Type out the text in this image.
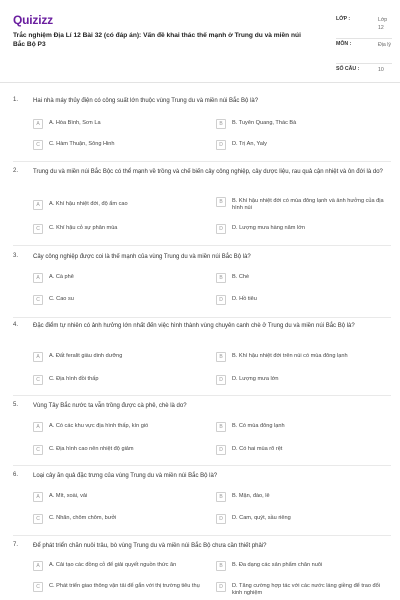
Quizizz
Trắc nghiệm Địa Lí 12 Bài 32 (có đáp án): Vấn đề khai thác thế mạnh ở Trung du và miền núi Bắc Bộ P3
LỚP :	Lớp 12
MÔN :	Địa lý
SỐ CÂU :	10
1. Hai nhà máy thủy điện có công suất lớn thuộc vùng Trung du và miền núi Bắc Bộ là?
A	A. Hòa Bình, Sơn La	B	B. Tuyên Quang, Thác Bà
C	C. Hàm Thuận, Sông Hinh	D	D. Trị An, Yaly
2. Trung du và miền núi Bắc Bộc có thể mạnh về trồng và chế biến cây công nghiệp, cây dược liệu, rau quả cận nhiệt và ôn đới là do?
A	A. Khí hậu nhiệt đới, độ ẩm cao	B	B. Khí hậu nhiệt đới có mùa đông lạnh và ảnh hưởng của địa hình núi
C	C. Khí hậu cỏ sự phân mùa	D	D. Lượng mưa hàng năm lớn
3. Cây công nghiệp được coi là thế mạnh của vùng Trung du và miền núi Bắc Bộ là?
A	A. Cà phê	B	B. Chè
C	C. Cao su	D	D. Hồ tiêu
4. Đặc điểm tự nhiên có ảnh hưởng lớn nhất đến việc hình thành vùng chuyên canh chè ở Trung du và miền núi Bắc Bộ là?
A	A. Đất feralit giàu dinh dưỡng	B	B. Khí hậu nhiệt đới trên núi có mùa đông lạnh
C	C. Địa hình đồi thấp	D	D. Lượng mưa lớn
5. Vùng Tây Bắc nước ta vẫn trồng được cà phê, chè là do?
A	A. Có các khu vực địa hình thấp, kín gió	B	B. Có mùa đông lạnh
C	C. Địa hình cao nên nhiệt độ giảm	D	D. Có hai mùa rõ rệt
6. Loại cây ăn quả đặc trưng của vùng Trung du và miền núi Bắc Bộ là?
A	A. Mít, xoài, vải	B	B. Mận, đào, lê
C	C. Nhãn, chôm chôm, bưởi	D	D. Cam, quýt, sầu riêng
7. Để phát triển chăn nuôi trâu, bò vùng Trung du và miền núi Bắc Bộ chưa cần thiết phải?
A	A. Cải tạo các đồng cỏ để giải quyết nguồn thức ăn	B	B. Đa dạng các sản phẩm chăn nuôi
C	C. Phát triển giao thông vận tải để gắn với thị trường tiêu thụ	D	D. Tăng cường hợp tác với các nước láng giềng để trao đổi kinh nghiệm
